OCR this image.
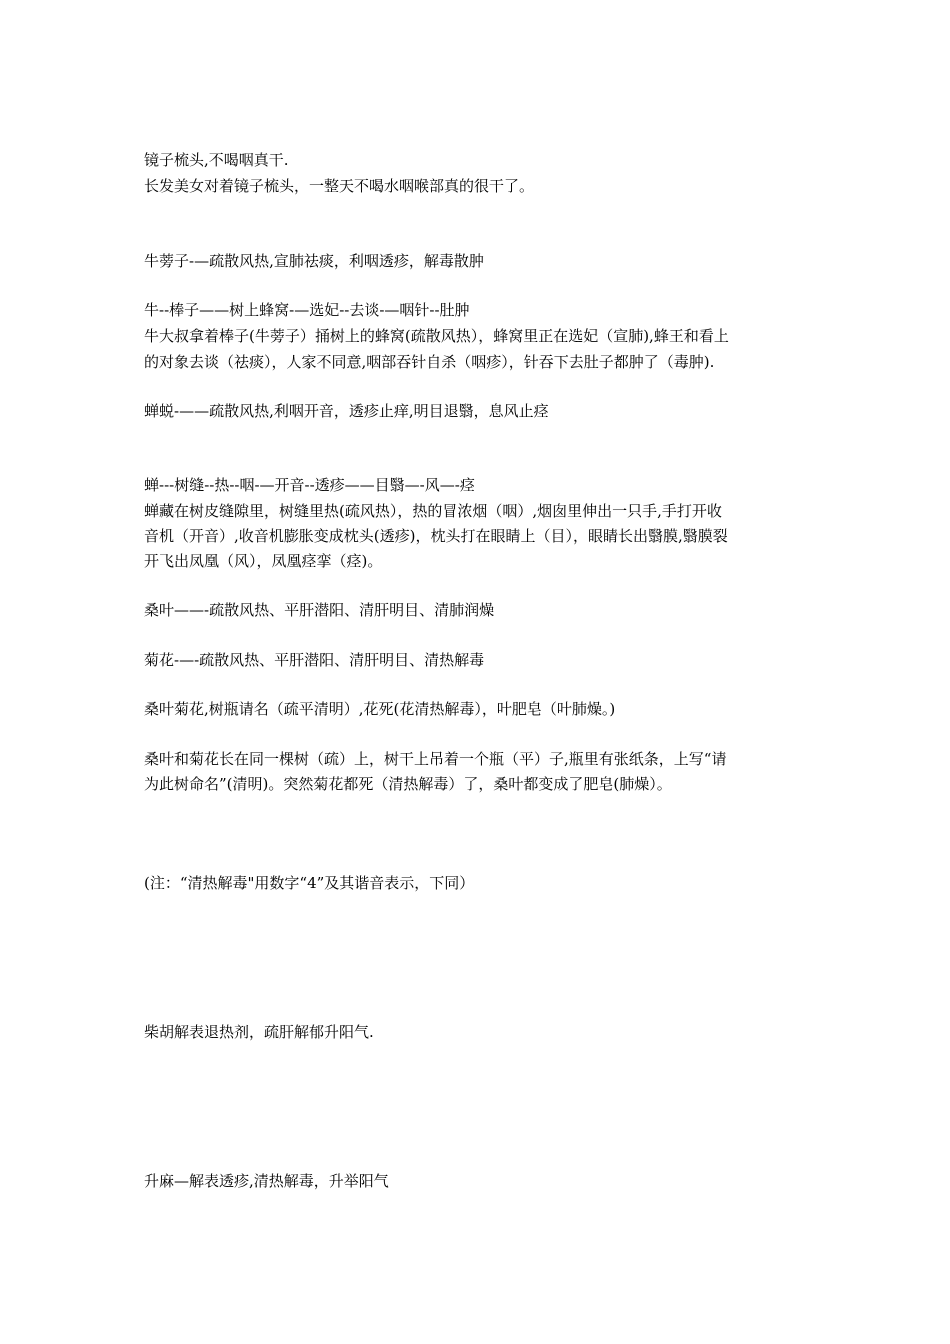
镜子梳头,不喝咽真干.
长发美女对着镜子梳头，一整天不喝水咽喉部真的很干了。
牛蒡子-—疏散风热,宣肺祛痰，利咽透疹，解毒散肿
牛--棒子——树上蜂窝-—选妃--去谈-—咽针--肚肿
牛大叔拿着棒子(牛蒡子）捅树上的蜂窝(疏散风热），蜂窝里正在选妃（宣肺),蜂王和看上
的对象去谈（祛痰），人家不同意,咽部吞针自杀（咽疹），针吞下去肚子都肿了（毒肿).
蝉蜕-——疏散风热,利咽开音，透疹止痒,明目退翳，息风止痉
蝉---树缝--热--咽-—开音--透疹——目翳—-风—-痉
蝉藏在树皮缝隙里，树缝里热(疏风热），热的冒浓烟（咽）,烟囱里伸出一只手,手打开收
音机（开音）,收音机膨胀变成枕头(透疹)，枕头打在眼睛上（目），眼睛长出翳膜,翳膜裂
开飞出凤凰（风），凤凰痉挛（痉)。
桑叶——-疏散风热、平肝潜阳、清肝明目、清肺润燥
菊花-—-疏散风热、平肝潜阳、清肝明目、清热解毒
桑叶菊花,树瓶请名（疏平清明）,花死(花清热解毒），叶肥皂（叶肺燥。)
桑叶和菊花长在同一棵树（疏）上，树干上吊着一个瓶（平）子,瓶里有张纸条，上写“请
为此树命名”(清明)。突然菊花都死（清热解毒）了，桑叶都变成了肥皂(肺燥）。
(注：“清热解毒"用数字“4”及其谐音表示，下同）
柴胡解表退热剂，疏肝解郁升阳气.
升麻—解表透疹,清热解毒，升举阳气
